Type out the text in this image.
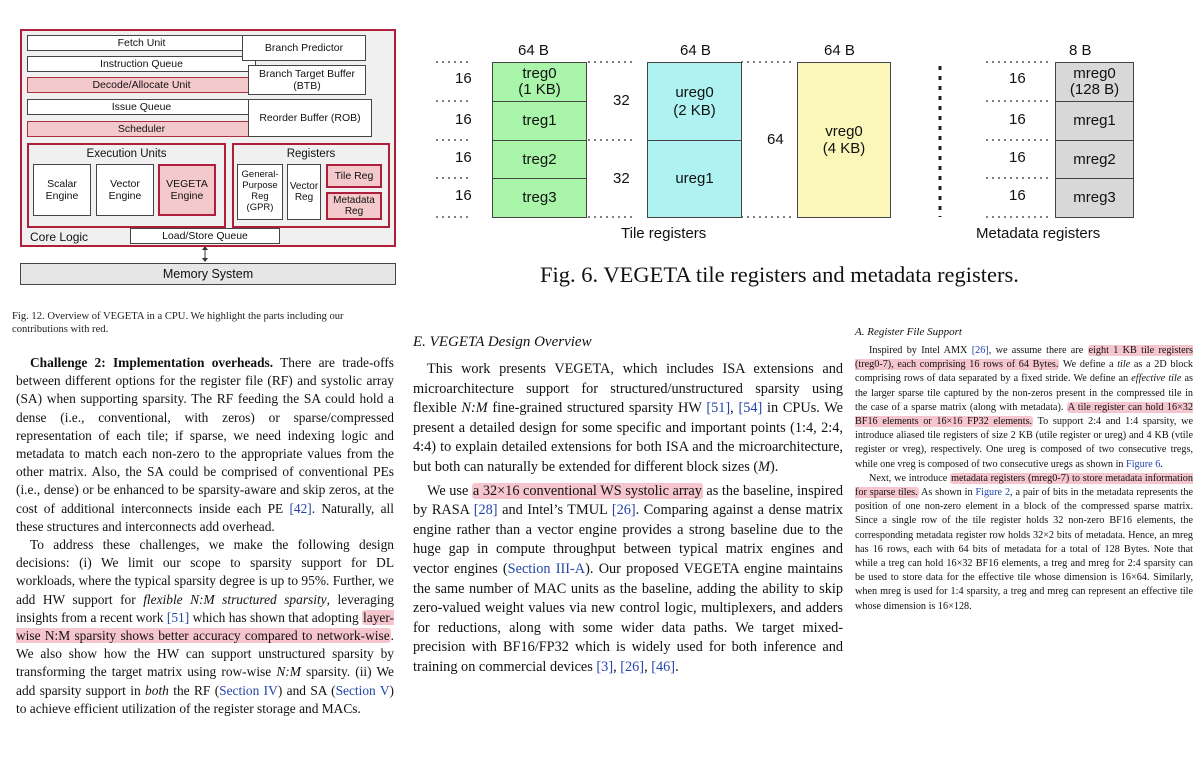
Fetch Unit
Instruction Queue
Decode/Allocate Unit
Issue Queue
Scheduler
Branch Predictor
Branch Target Buffer
(BTB)
Reorder Buffer (ROB)
Execution Units
Scalar
Engine
Vector
Engine
VEGETA
Engine
Registers
General-
Purpose
Reg
(GPR)
Vector
Reg
Tile Reg
Metadata
Reg
Core Logic	Load/Store Queue
Memory System
Fig. 12. Overview of VEGETA in a CPU. We highlight the parts including our contributions with red.
64 B	64 B	64 B	8 B
16
16
16
16
32
32
64
16
16
16
16
treg0
(1 KB)
treg1
treg2
treg3
ureg0
(2 KB)
ureg1
vreg0
(4 KB)
mreg0
(128 B)
mreg1
mreg2
mreg3
Tile registers	Metadata registers
Fig. 6. VEGETA tile registers and metadata registers.

Challenge 2: Implementation overheads. There are trade-offs between different options for the register file (RF) and systolic array (SA) when supporting sparsity. The RF feeding the SA could hold a dense (i.e., conventional, with zeros) or sparse/compressed representation of each tile; if sparse, we need indexing logic and metadata to match each non-zero to the appropriate values from the other matrix. Also, the SA could be comprised of conventional PEs (i.e., dense) or be enhanced to be sparsity-aware and skip zeros, at the cost of additional interconnects inside each PE [42]. Naturally, all these structures and interconnects add overhead.

To address these challenges, we make the following design decisions: (i) We limit our scope to sparsity support for DL workloads, where the typical sparsity degree is up to 95%. Further, we add HW support for flexible N:M structured sparsity, leveraging insights from a recent work [51] which has shown that adopting layer-wise N:M sparsity shows better accuracy compared to network-wise. We also show how the HW can support unstructured sparsity by transforming the target matrix using row-wise N:M sparsity. (ii) We add sparsity support in both the RF (Section IV) and SA (Section V) to achieve efficient utilization of the register storage and MACs.

E. VEGETA Design Overview

This work presents VEGETA, which includes ISA extensions and microarchitecture support for structured/unstructured sparsity using flexible N:M fine-grained structured sparsity HW [51], [54] in CPUs. We present a detailed design for some specific and important points (1:4, 2:4, 4:4) to explain detailed extensions for both ISA and the microarchitecture, but both can naturally be extended for different block sizes (M).

We use a 32×16 conventional WS systolic array as the baseline, inspired by RASA [28] and Intel’s TMUL [26]. Comparing against a dense matrix engine rather than a vector engine provides a strong baseline due to the huge gap in compute throughput between typical matrix engines and vector engines (Section III-A). Our proposed VEGETA engine maintains the same number of MAC units as the baseline, adding the ability to skip zero-valued weight values via new control logic, multiplexers, and adders for reductions, along with some wider data paths. We target mixed-precision with BF16/FP32 which is widely used for both inference and training on commercial devices [3], [26], [46].

A. Register File Support

Inspired by Intel AMX [26], we assume there are eight 1 KB tile registers (treg0-7), each comprising 16 rows of 64 Bytes. We define a tile as a 2D block comprising rows of data separated by a fixed stride. We define an effective tile as the larger sparse tile captured by the non-zeros present in the compressed tile in the case of a sparse matrix (along with metadata). A tile register can hold 16×32 BF16 elements or 16×16 FP32 elements. To support 2:4 and 1:4 sparsity, we introduce aliased tile registers of size 2 KB (utile register or ureg) and 4 KB (vtile register or vreg), respectively. One ureg is composed of two consecutive tregs, while one vreg is composed of two consecutive uregs as shown in Figure 6.

Next, we introduce metadata registers (mreg0-7) to store metadata information for sparse tiles. As shown in Figure 2, a pair of bits in the metadata represents the position of one non-zero element in a block of the compressed sparse matrix. Since a single row of the tile register holds 32 non-zero BF16 elements, the corresponding metadata register row holds 32×2 bits of metadata. Hence, an mreg has 16 rows, each with 64 bits of metadata for a total of 128 Bytes. Note that while a treg can hold 16×32 BF16 elements, a treg and mreg for 2:4 sparsity can be used to store data for the effective tile whose dimension is 16×64. Similarly, when mreg is used for 1:4 sparsity, a treg and mreg can represent an effective tile whose dimension is 16×128.
